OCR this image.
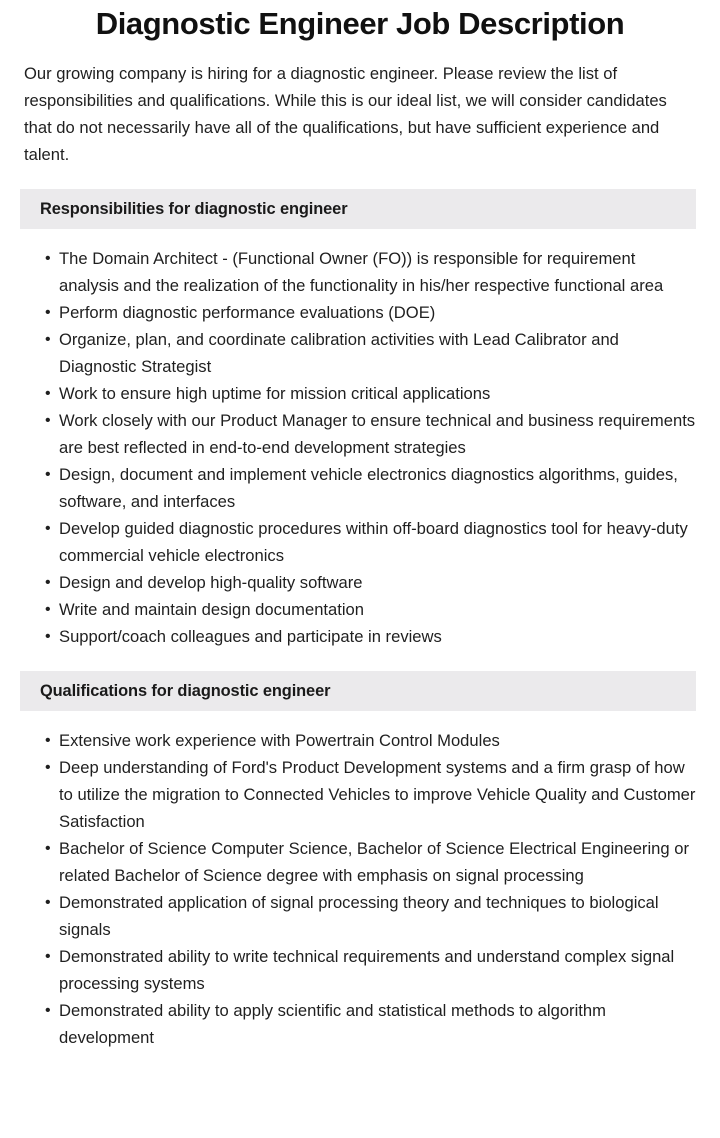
Diagnostic Engineer Job Description

Our growing company is hiring for a diagnostic engineer. Please review the list of responsibilities and qualifications. While this is our ideal list, we will consider candidates that do not necessarily have all of the qualifications, but have sufficient experience and talent.

Responsibilities for diagnostic engineer
• The Domain Architect - (Functional Owner (FO)) is responsible for requirement analysis and the realization of the functionality in his/her respective functional area
• Perform diagnostic performance evaluations (DOE)
• Organize, plan, and coordinate calibration activities with Lead Calibrator and Diagnostic Strategist
• Work to ensure high uptime for mission critical applications
• Work closely with our Product Manager to ensure technical and business requirements are best reflected in end-to-end development strategies
• Design, document and implement vehicle electronics diagnostics algorithms, guides, software, and interfaces
• Develop guided diagnostic procedures within off-board diagnostics tool for heavy-duty commercial vehicle electronics
• Design and develop high-quality software
• Write and maintain design documentation
• Support/coach colleagues and participate in reviews
Qualifications for diagnostic engineer
• Extensive work experience with Powertrain Control Modules
• Deep understanding of Ford's Product Development systems and a firm grasp of how to utilize the migration to Connected Vehicles to improve Vehicle Quality and Customer Satisfaction
• Bachelor of Science Computer Science, Bachelor of Science Electrical Engineering or related Bachelor of Science degree with emphasis on signal processing
• Demonstrated application of signal processing theory and techniques to biological signals
• Demonstrated ability to write technical requirements and understand complex signal processing systems
• Demonstrated ability to apply scientific and statistical methods to algorithm development
